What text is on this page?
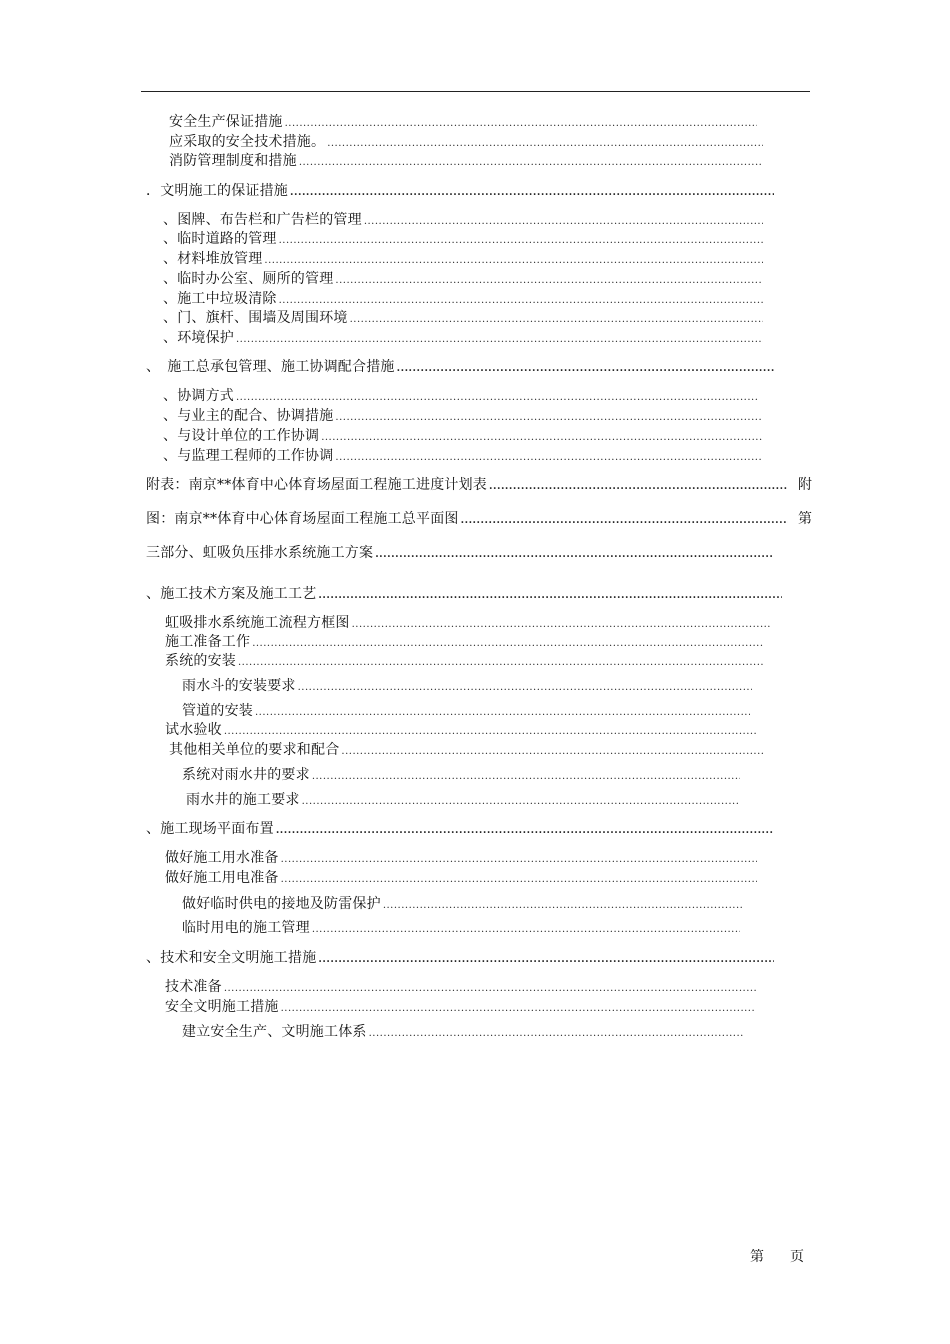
安全生产保证措施
.....
应采取的安全技术措施。
.....
消防管理制度和措施
.....
．文明施工的保证措施
.....
、图牌、布告栏和广告栏的管理
.....
、临时道路的管理
.....
、材料堆放管理
.....
、临时办公室、厕所的管理
.....
、施工中垃圾清除
.....
、门、旗杆、围墙及周围环境
.....
、环境保护
.....
、　施工总承包管理、施工协调配合措施
.....
、协调方式
.....
、与业主的配合、协调措施
.....
、与设计单位的工作协调
.....
、与监理工程师的工作协调
.....
附表：南京**体育中心体育场屋面工程施工进度计划表 .....	附
图：南京**体育中心体育场屋面工程施工总平面图 .....	第
三部分、虹吸负压排水系统施工方案
.....
、施工技术方案及施工工艺
.....
虹吸排水系统施工流程方框图
.....
施工准备工作
.....
系统的安装
.....
雨水斗的安装要求
.....
管道的安装
.....
试水验收
.....
其他相关单位的要求和配合
.....
系统对雨水井的要求
.....
雨水井的施工要求
.....
、施工现场平面布置
.....
做好施工用水准备
.....
做好施工用电准备
.....
做好临时供电的接地及防雷保护
.....
临时用电的施工管理
.....
、技术和安全文明施工措施
.....
技术准备
.....
安全文明施工措施
.....
建立安全生产、文明施工体系
.....
第 页
